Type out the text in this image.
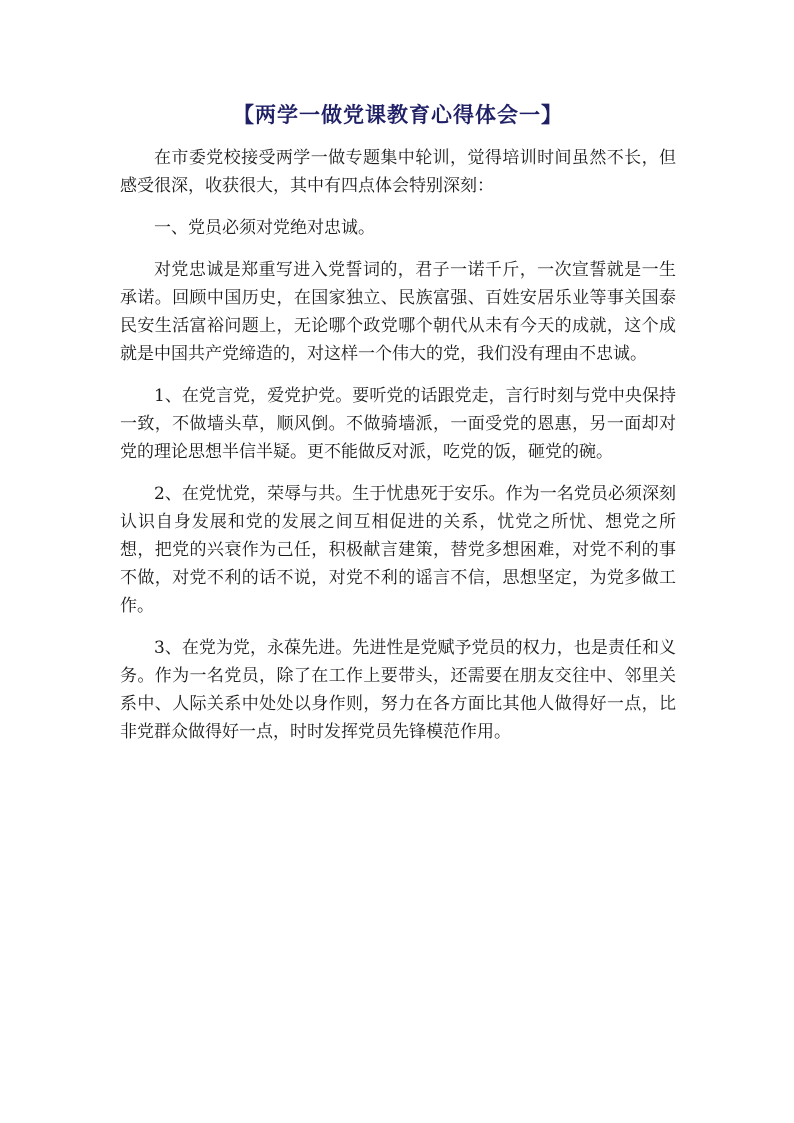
【两学一做党课教育心得体会一】

在市委党校接受两学一做专题集中轮训，觉得培训时间虽然不长，但感受很深，收获很大，其中有四点体会特别深刻：

一、党员必须对党绝对忠诚。

对党忠诚是郑重写进入党誓词的，君子一诺千斤，一次宣誓就是一生承诺。回顾中国历史，在国家独立、民族富强、百姓安居乐业等事关国泰民安生活富裕问题上，无论哪个政党哪个朝代从未有今天的成就，这个成就是中国共产党缔造的，对这样一个伟大的党，我们没有理由不忠诚。

1、在党言党，爱党护党。要听党的话跟党走，言行时刻与党中央保持一致，不做墙头草，顺风倒。不做骑墙派，一面受党的恩惠，另一面却对党的理论思想半信半疑。更不能做反对派，吃党的饭，砸党的碗。

2、在党忧党，荣辱与共。生于忧患死于安乐。作为一名党员必须深刻认识自身发展和党的发展之间互相促进的关系，忧党之所忧、想党之所想，把党的兴衰作为己任，积极献言建策，替党多想困难，对党不利的事不做，对党不利的话不说，对党不利的谣言不信，思想坚定，为党多做工作。

3、在党为党，永葆先进。先进性是党赋予党员的权力，也是责任和义务。作为一名党员，除了在工作上要带头，还需要在朋友交往中、邻里关系中、人际关系中处处以身作则，努力在各方面比其他人做得好一点，比非党群众做得好一点，时时发挥党员先锋模范作用。
